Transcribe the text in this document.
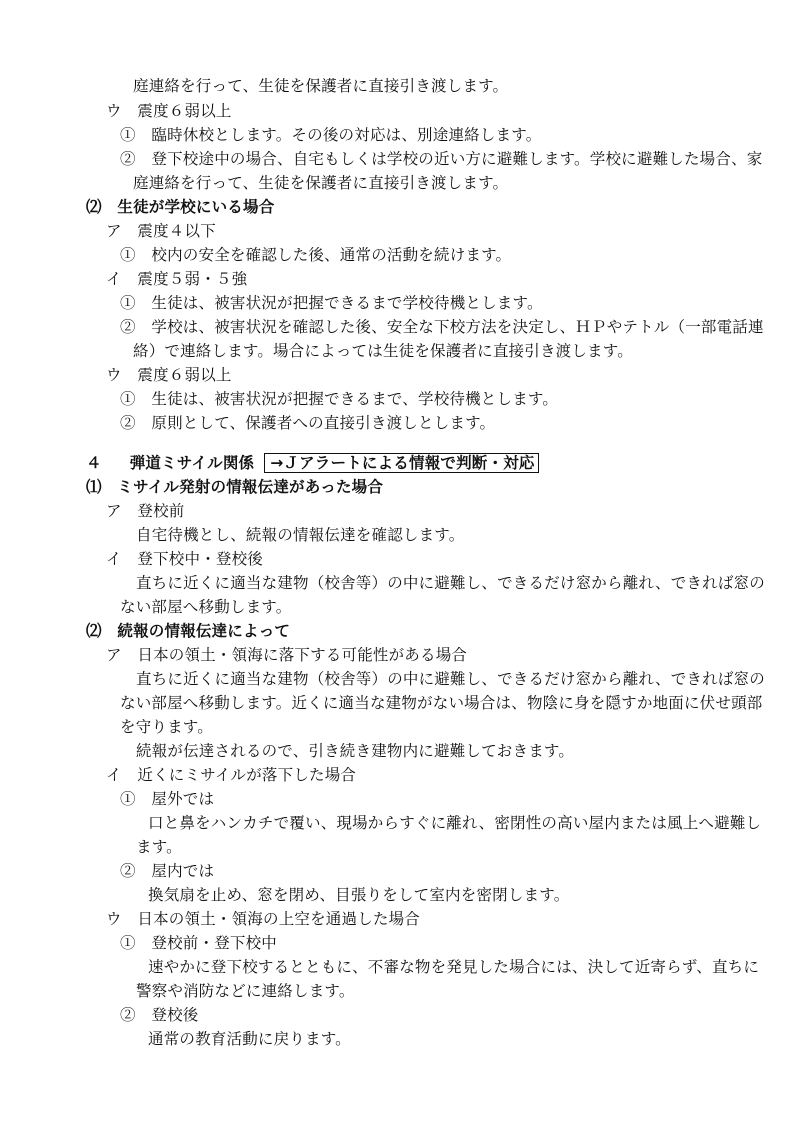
庭連絡を行って、生徒を保護者に直接引き渡します。
ウ　震度６弱以上
①　臨時休校とします。その後の対応は、別途連絡します。
②　登下校途中の場合、自宅もしくは学校の近い方に避難します。学校に避難した場合、家
庭連絡を行って、生徒を保護者に直接引き渡します。
⑵　生徒が学校にいる場合
ア　震度４以下
①　校内の安全を確認した後、通常の活動を続けます。
イ　震度５弱・５強
①　生徒は、被害状況が把握できるまで学校待機とします。
②　学校は、被害状況を確認した後、安全な下校方法を決定し、ＨＰやテトル（一部電話連
絡）で連絡します。場合によっては生徒を保護者に直接引き渡します。
ウ　震度６弱以上
①　生徒は、被害状況が把握できるまで、学校待機とします。
②　原則として、保護者への直接引き渡しとします。
４ 弾道ミサイル関係 →Ｊアラートによる情報で判断・対応
⑴　ミサイル発射の情報伝達があった場合
ア　登校前
自宅待機とし、続報の情報伝達を確認します。
イ　登下校中・登校後
直ちに近くに適当な建物（校舎等）の中に避難し、できるだけ窓から離れ、できれば窓の
ない部屋へ移動します。
⑵　続報の情報伝達によって
ア　日本の領土・領海に落下する可能性がある場合
直ちに近くに適当な建物（校舎等）の中に避難し、できるだけ窓から離れ、できれば窓の
ない部屋へ移動します。近くに適当な建物がない場合は、物陰に身を隠すか地面に伏せ頭部
を守ります。
続報が伝達されるので、引き続き建物内に避難しておきます。
イ　近くにミサイルが落下した場合
①　屋外では
口と鼻をハンカチで覆い、現場からすぐに離れ、密閉性の高い屋内または風上へ避難し
ます。
②　屋内では
換気扇を止め、窓を閉め、目張りをして室内を密閉します。
ウ　日本の領土・領海の上空を通過した場合
①　登校前・登下校中
速やかに登下校するとともに、不審な物を発見した場合には、決して近寄らず、直ちに
警察や消防などに連絡します。
②　登校後
通常の教育活動に戻ります。
